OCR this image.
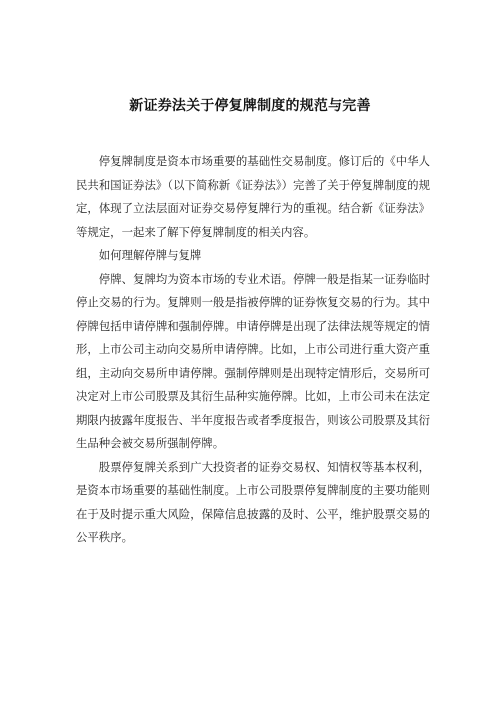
新证券法关于停复牌制度的规范与完善

停复牌制度是资本市场重要的基础性交易制度。修订后的《中华人民共和国证券法》（以下简称新《证券法》）完善了关于停复牌制度的规定，体现了立法层面对证券交易停复牌行为的重视。结合新《证券法》等规定，一起来了解下停复牌制度的相关内容。

如何理解停牌与复牌

停牌、复牌均为资本市场的专业术语。停牌一般是指某一证券临时停止交易的行为。复牌则一般是指被停牌的证券恢复交易的行为。其中停牌包括申请停牌和强制停牌。申请停牌是出现了法律法规等规定的情形，上市公司主动向交易所申请停牌。比如，上市公司进行重大资产重组，主动向交易所申请停牌。强制停牌则是出现特定情形后，交易所可决定对上市公司股票及其衍生品种实施停牌。比如，上市公司未在法定期限内披露年度报告、半年度报告或者季度报告，则该公司股票及其衍生品种会被交易所强制停牌。

股票停复牌关系到广大投资者的证券交易权、知情权等基本权利，是资本市场重要的基础性制度。上市公司股票停复牌制度的主要功能则在于及时提示重大风险，保障信息披露的及时、公平，维护股票交易的公平秩序。
